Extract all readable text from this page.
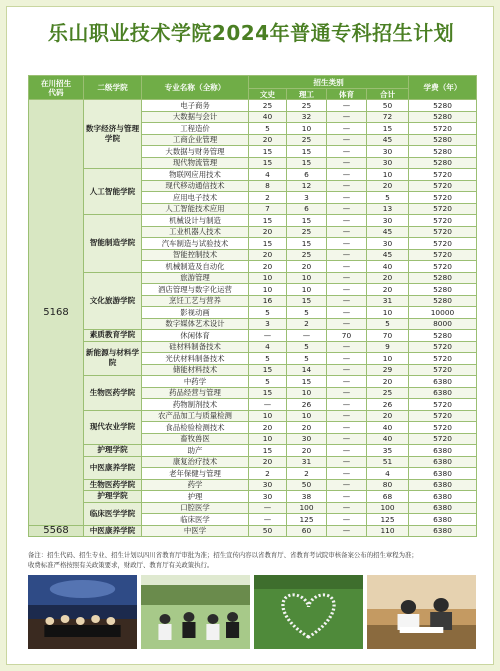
乐山职业技术学院2024年普通专科招生计划
在川招生
代码	二级学院	专业名称（全称）	招生类别				学费（年）
			文史	理工	体育	合计	
5168	数字经济与管理学院	电子商务	25	25	—	50	5280
		大数据与会计	40	32	—	72	5280
		工程造价	5	10	—	15	5720
		工商企业管理	20	25	—	45	5280
		大数据与财务管理	15	15	—	30	5280
		现代物流管理	15	15	—	30	5280
	人工智能学院	物联网应用技术	4	6	—	10	5720
		现代移动通信技术	8	12	—	20	5720
		应用电子技术	2	3	—	5	5720
		人工智能技术应用	7	6	—	13	5720
	智能制造学院	机械设计与制造	15	15	—	30	5720
		工业机器人技术	20	25	—	45	5720
		汽车制造与试验技术	15	15	—	30	5720
		智能控制技术	20	25	—	45	5720
		机械制造及自动化	20	20	—	40	5720
	文化旅游学院	旅游管理	10	10	—	20	5280
		酒店管理与数字化运营	10	10	—	20	5280
		烹饪工艺与营养	16	15	—	31	5280
		影视动画	5	5	—	10	10000
		数字媒体艺术设计	3	2	—	5	8000
	素质教育学院	休闲体育	—	—	70	70	5280
	新能源与材料学院	硅材料制备技术	4	5	—	9	5720
		光伏材料制备技术	5	5	—	10	5720
		储能材料技术	15	14	—	29	5720
	生物医药学院	中药学	5	15	—	20	6380
		药品经营与管理	15	10	—	25	6380
		药物制剂技术	—	26	—	26	5720
	现代农业学院	农产品加工与质量检测	10	10	—	20	5720
		食品检验检测技术	20	20	—	40	5720
		畜牧兽医	10	30	—	40	5720
	护理学院	助产	15	20	—	35	6380
	中医康养学院	康复治疗技术	20	31	—	51	6380
		老年保健与管理	2	2	—	4	6380
	生物医药学院	药学	30	50	—	80	6380
	护理学院	护理	30	38	—	68	6380
	临床医学学院	口腔医学	—	100	—	100	6380
		临床医学	—	125	—	125	6380
5568	中医康养学院	中医学	50	60	—	110	6380
备注：招生代码、招生专业、招生计划以四川省教育厅审批为准；招生宣传内容以省教育厅、省教育考试院审核备案公布的招生章程为准；
收费标准严格按照有关政策要求，财政厅、教育厅有关政策执行。
